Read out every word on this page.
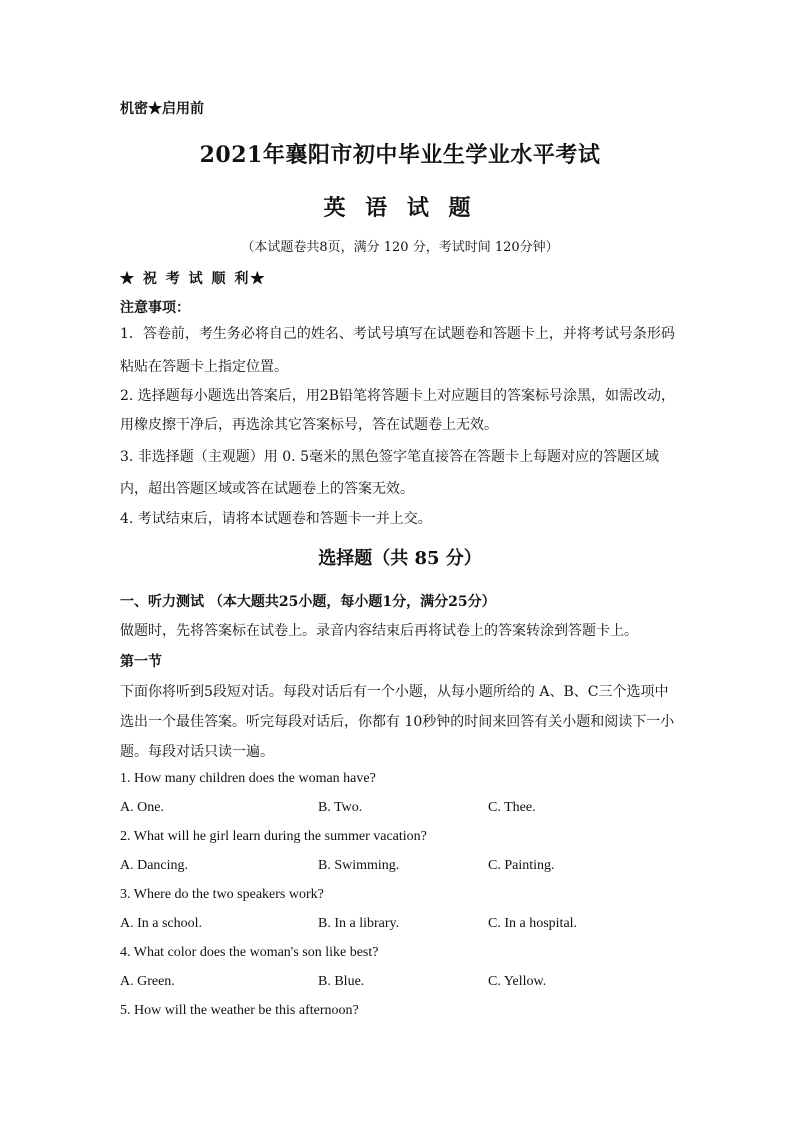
机密★启用前
2021年襄阳市初中毕业生学业水平考试
英 语 试 题
（本试题卷共8页，满分 120 分，考试时间 120分钟）
★ 祝 考 试 顺 利★
注意事项：
1．答卷前，考生务必将自己的姓名、考试号填写在试题卷和答题卡上，并将考试号条形码
粘贴在答题卡上指定位置。
2. 选择题每小题选出答案后，用2B铅笔将答题卡上对应题目的答案标号涂黑，如需改动，
用橡皮擦干净后，再选涂其它答案标号，答在试题卷上无效。
3. 非选择题（主观题）用 0. 5毫米的黑色签字笔直接答在答题卡上每题对应的答题区域
内，超出答题区域或答在试题卷上的答案无效。
4. 考试结束后，请将本试题卷和答题卡一并上交。
选择题（共 85 分）
一、听力测试 （本大题共25小题，每小题1分，满分25分）
做题时，先将答案标在试卷上。录音内容结束后再将试卷上的答案转涂到答题卡上。
第一节
下面你将听到5段短对话。每段对话后有一个小题，从每小题所给的 A、B、C三个选项中
选出一个最佳答案。听完每段对话后，你都有 10秒钟的时间来回答有关小题和阅读下一小
题。每段对话只读一遍。
1. How many children does the woman have?
A. One.	B. Two.	C. Thee.
2. What will he girl learn during the summer vacation?
A. Dancing.	B. Swimming.	C. Painting.
3. Where do the two speakers work?
A. In a school.	B. In a library.	C. In a hospital.
4. What color does the woman's son like best?
A. Green.	B. Blue.	C. Yellow.
5. How will the weather be this afternoon?
